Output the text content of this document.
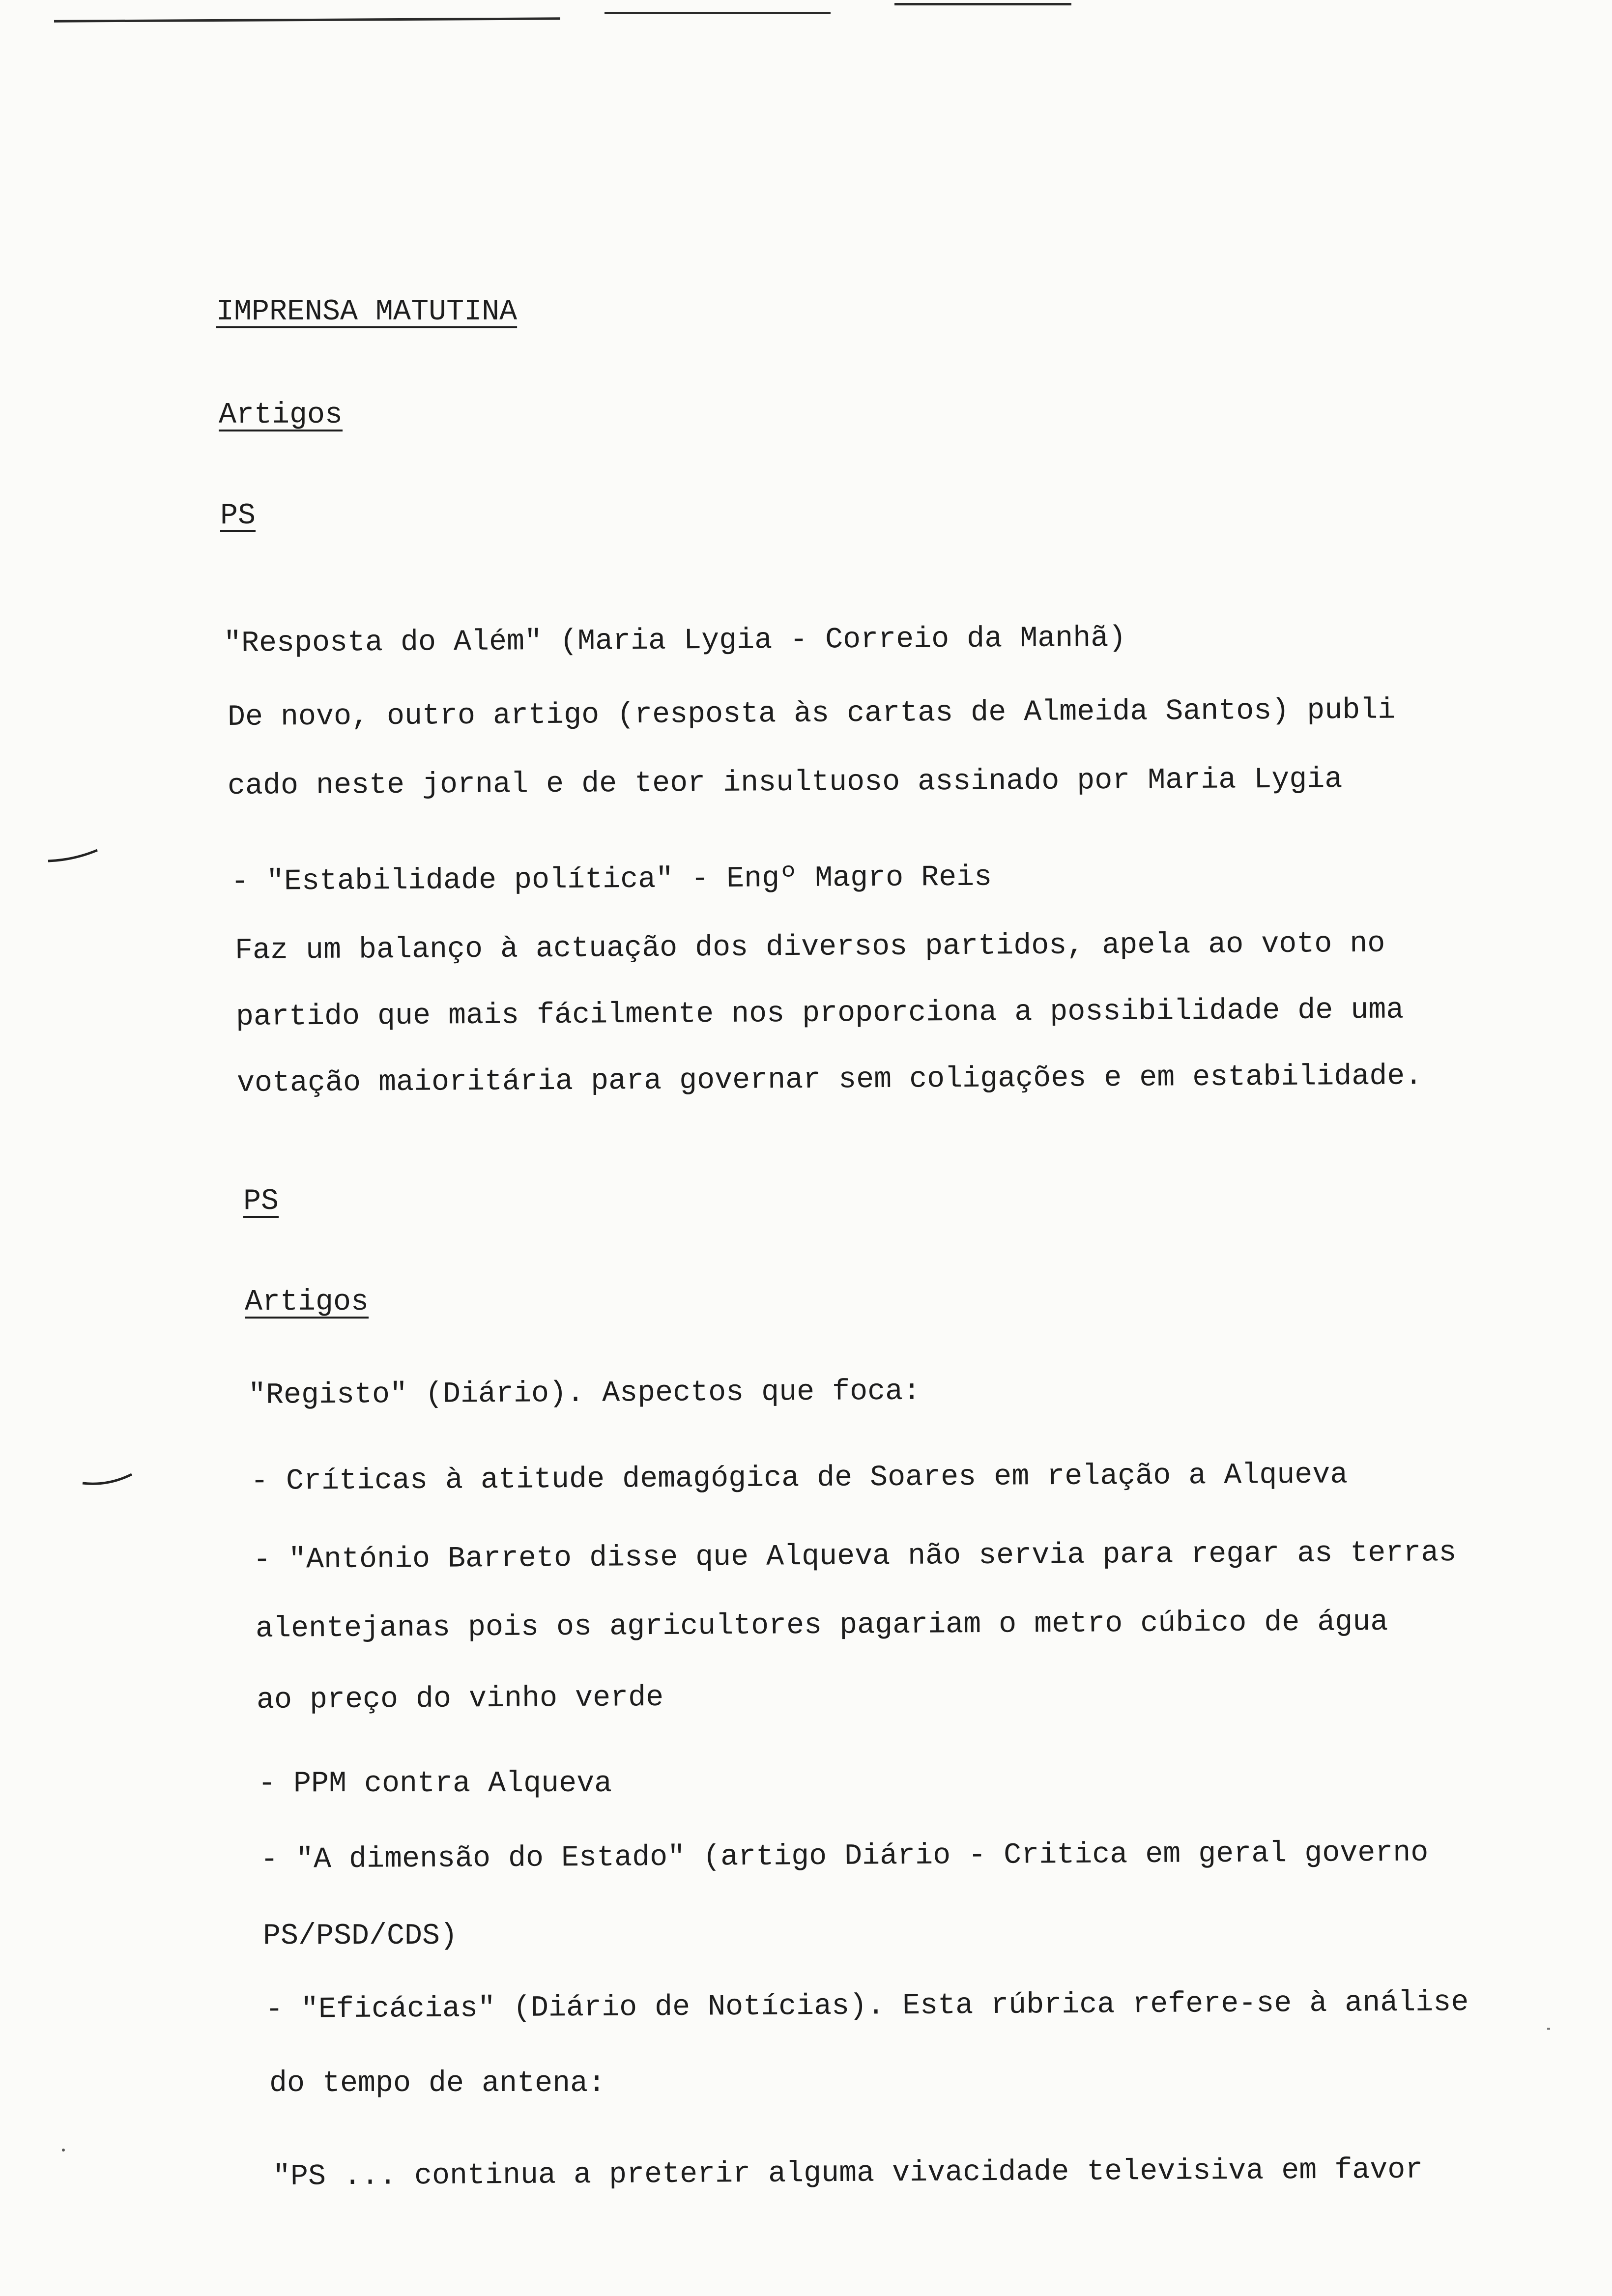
IMPRENSA MATUTINA
Artigos
PS
"Resposta do Além" (Maria Lygia - Correio da Manhã)
De novo, outro artigo (resposta às cartas de Almeida Santos) publi
cado neste jornal e de teor insultuoso assinado por Maria Lygia
- "Estabilidade política" - Engº Magro Reis
Faz um balanço à actuação dos diversos partidos, apela ao voto no
partido que mais fácilmente nos proporciona a possibilidade de uma
votação maioritária para governar sem coligações e em estabilidade.
PS
Artigos
"Registo" (Diário). Aspectos que foca:
- Críticas à atitude demagógica de Soares em relação a Alqueva
- "António Barreto disse que Alqueva não servia para regar as terras
alentejanas pois os agricultores pagariam o metro cúbico de água
ao preço do vinho verde
- PPM contra Alqueva
- "A dimensão do Estado" (artigo Diário - Critica em geral governo
PS/PSD/CDS)
- "Eficácias" (Diário de Notícias). Esta rúbrica refere-se à análise
do tempo de antena:
"PS ... continua a preterir alguma vivacidade televisiva em favor
